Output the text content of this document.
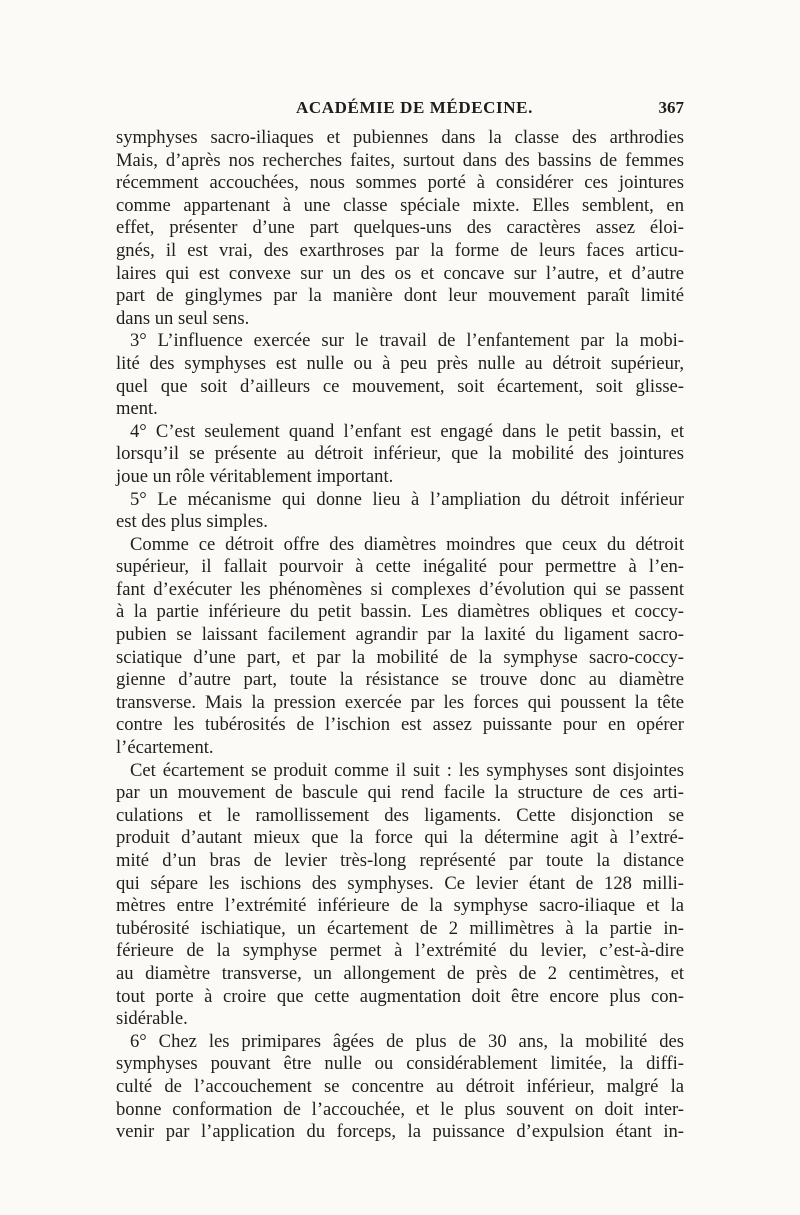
ACADÉMIE DE MÉDECINE.	367
symphyses sacro-iliaques et pubiennes dans la classe des arthrodies
Mais, d’après nos recherches faites, surtout dans des bassins de femmes
récemment accouchées, nous sommes porté à considérer ces jointures
comme appartenant à une classe spéciale mixte. Elles semblent, en
effet, présenter d’une part quelques-uns des caractères assez éloi-
gnés, il est vrai, des exarthroses par la forme de leurs faces articu-
laires qui est convexe sur un des os et concave sur l’autre, et d’autre
part de ginglymes par la manière dont leur mouvement paraît limité
dans un seul sens.
3° L’influence exercée sur le travail de l’enfantement par la mobi-
lité des symphyses est nulle ou à peu près nulle au détroit supérieur,
quel que soit d’ailleurs ce mouvement, soit écartement, soit glisse-
ment.
4° C’est seulement quand l’enfant est engagé dans le petit bassin, et
lorsqu’il se présente au détroit inférieur, que la mobilité des jointures
joue un rôle véritablement important.
5° Le mécanisme qui donne lieu à l’ampliation du détroit inférieur
est des plus simples.
Comme ce détroit offre des diamètres moindres que ceux du détroit
supérieur, il fallait pourvoir à cette inégalité pour permettre à l’en-
fant d’exécuter les phénomènes si complexes d’évolution qui se passent
à la partie inférieure du petit bassin. Les diamètres obliques et coccy-
pubien se laissant facilement agrandir par la laxité du ligament sacro-
sciatique d’une part, et par la mobilité de la symphyse sacro-coccy-
gienne d’autre part, toute la résistance se trouve donc au diamètre
transverse. Mais la pression exercée par les forces qui poussent la tête
contre les tubérosités de l’ischion est assez puissante pour en opérer
l’écartement.
Cet écartement se produit comme il suit : les symphyses sont disjointes
par un mouvement de bascule qui rend facile la structure de ces arti-
culations et le ramollissement des ligaments. Cette disjonction se
produit d’autant mieux que la force qui la détermine agit à l’extré-
mité d’un bras de levier très-long représenté par toute la distance
qui sépare les ischions des symphyses. Ce levier étant de 128 milli-
mètres entre l’extrémité inférieure de la symphyse sacro-iliaque et la
tubérosité ischiatique, un écartement de 2 millimètres à la partie in-
férieure de la symphyse permet à l’extrémité du levier, c’est-à-dire
au diamètre transverse, un allongement de près de 2 centimètres, et
tout porte à croire que cette augmentation doit être encore plus con-
sidérable.
6° Chez les primipares âgées de plus de 30 ans, la mobilité des
symphyses pouvant être nulle ou considérablement limitée, la diffi-
culté de l’accouchement se concentre au détroit inférieur, malgré la
bonne conformation de l’accouchée, et le plus souvent on doit inter-
venir par l’application du forceps, la puissance d’expulsion étant in-
